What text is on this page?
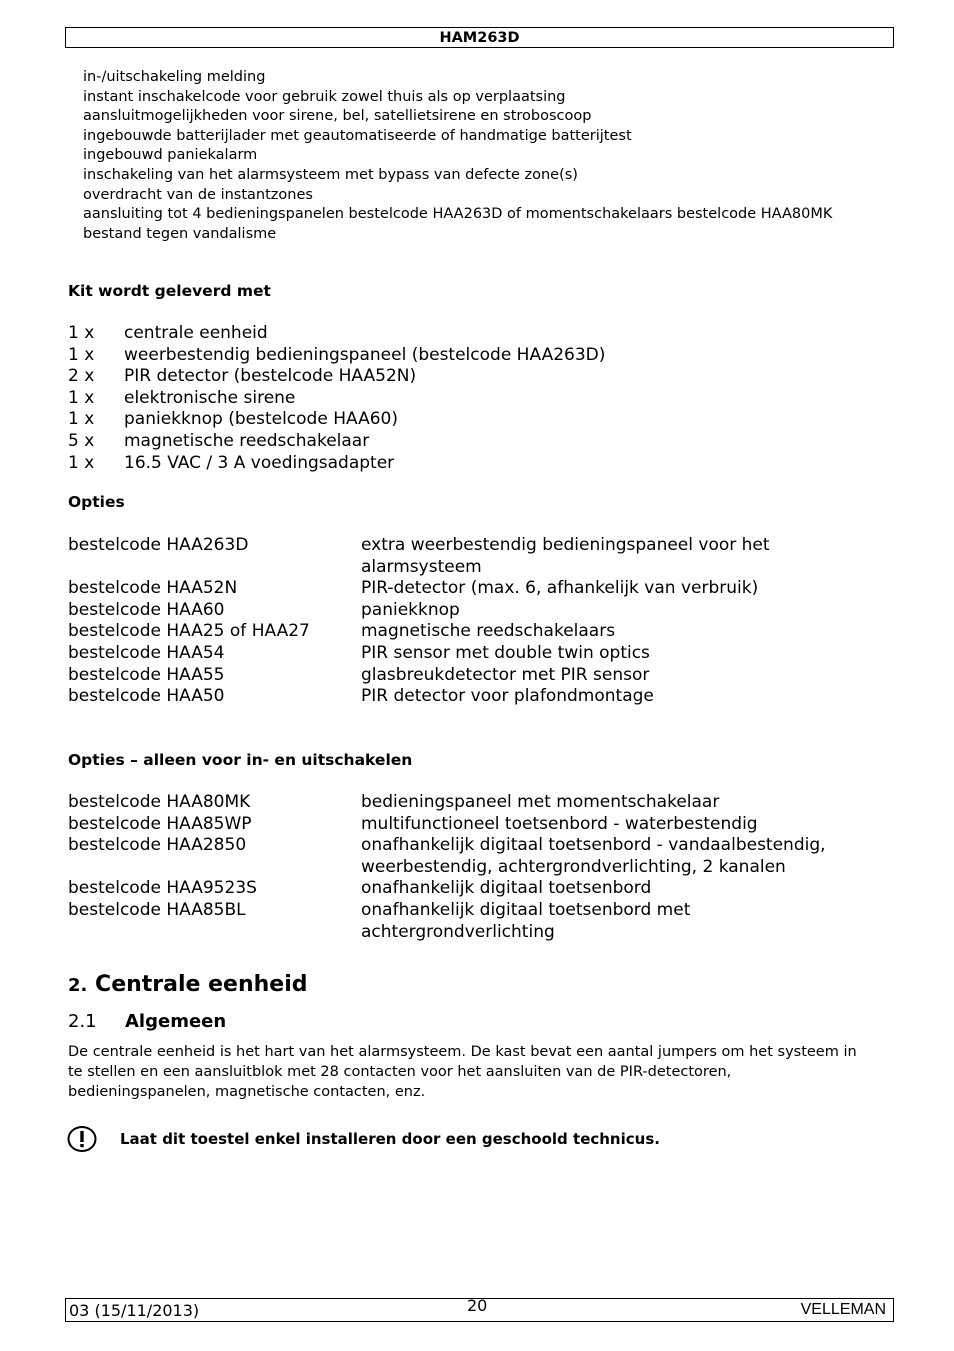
HAM263D
in-/uitschakeling melding
instant inschakelcode voor gebruik zowel thuis als op verplaatsing
aansluitmogelijkheden voor sirene, bel, satellietsirene en stroboscoop
ingebouwde batterijlader met geautomatiseerde of handmatige batterijtest
ingebouwd paniekalarm
inschakeling van het alarmsysteem met bypass van defecte zone(s)
overdracht van de instantzones
aansluiting tot 4 bedieningspanelen bestelcode HAA263D of momentschakelaars bestelcode HAA80MK
bestand tegen vandalisme
Kit wordt geleverd met
1 x	centrale eenheid
1 x	weerbestendig bedieningspaneel (bestelcode HAA263D)
2 x	PIR detector (bestelcode HAA52N)
1 x	elektronische sirene
1 x	paniekknop (bestelcode HAA60)
5 x	magnetische reedschakelaar
1 x	16.5 VAC / 3 A voedingsadapter
Opties
bestelcode HAA263D	extra weerbestendig bedieningspaneel voor het alarmsysteem
bestelcode HAA52N	PIR-detector (max. 6, afhankelijk van verbruik)
bestelcode HAA60	paniekknop
bestelcode HAA25 of HAA27	magnetische reedschakelaars
bestelcode HAA54	PIR sensor met double twin optics
bestelcode HAA55	glasbreukdetector met PIR sensor
bestelcode HAA50	PIR detector voor plafondmontage
Opties – alleen voor in- en uitschakelen
bestelcode HAA80MK	bedieningspaneel met momentschakelaar
bestelcode HAA85WP	multifunctioneel toetsenbord - waterbestendig
bestelcode HAA2850	onafhankelijk digitaal toetsenbord - vandaalbestendig, weerbestendig, achtergrondverlichting, 2 kanalen
bestelcode HAA9523S	onafhankelijk digitaal toetsenbord
bestelcode HAA85BL	onafhankelijk digitaal toetsenbord met achtergrondverlichting
2. Centrale eenheid
2.1 Algemeen
De centrale eenheid is het hart van het alarmsysteem. De kast bevat een aantal jumpers om het systeem in te stellen en een aansluitblok met 28 contacten voor het aansluiten van de PIR-detectoren, bedieningspanelen, magnetische contacten, enz.
Laat dit toestel enkel installeren door een geschoold technicus.
03 (15/11/2013)	20	VELLEMAN
